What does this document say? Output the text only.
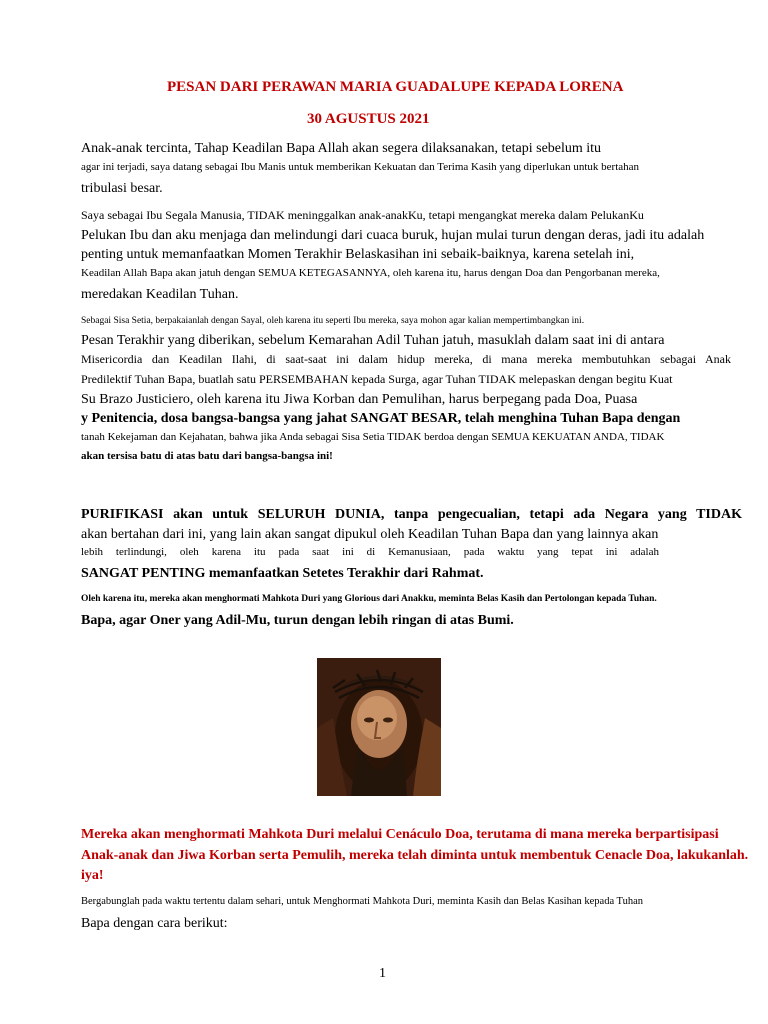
PESAN DARI PERAWAN MARIA GUADALUPE KEPADA LORENA
30 AGUSTUS 2021
Anak-anak tercinta, Tahap Keadilan Bapa Allah akan segera dilaksanakan, tetapi sebelum itu
agar ini terjadi, saya datang sebagai Ibu Manis untuk memberikan Kekuatan dan Terima Kasih yang diperlukan untuk bertahan
tribulasi besar.
Saya sebagai Ibu Segala Manusia, TIDAK meninggalkan anak-anakKu, tetapi mengangkat mereka dalam PelukanKu
Pelukan Ibu dan aku menjaga dan melindungi dari cuaca buruk, hujan mulai turun dengan deras, jadi itu adalah
penting untuk memanfaatkan Momen Terakhir Belaskasihan ini sebaik-baiknya, karena setelah ini,
Keadilan Allah Bapa akan jatuh dengan SEMUA KETEGASANNYA, oleh karena itu, harus dengan Doa dan Pengorbanan mereka,
meredakan Keadilan Tuhan.
Sebagai Sisa Setia, berpakaianlah dengan Sayal, oleh karena itu seperti Ibu mereka, saya mohon agar kalian mempertimbangkan ini.
Pesan Terakhir yang diberikan, sebelum Kemarahan Adil Tuhan jatuh, masuklah dalam saat ini di antara
Misericordia dan Keadilan Ilahi, di saat-saat ini dalam hidup mereka, di mana mereka membutuhkan sebagai Anak
Predilektif Tuhan Bapa, buatlah satu PERSEMBAHAN kepada Surga, agar Tuhan TIDAK melepaskan dengan begitu Kuat
Su Brazo Justiciero, oleh karena itu Jiwa Korban dan Pemulihan, harus berpegang pada Doa, Puasa
y Penitencia, dosa bangsa-bangsa yang jahat SANGAT BESAR, telah menghina Tuhan Bapa dengan
tanah Kekejaman dan Kejahatan, bahwa jika Anda sebagai Sisa Setia TIDAK berdoa dengan SEMUA KEKUATAN ANDA, TIDAK
akan tersisa batu di atas batu dari bangsa-bangsa ini!
PURIFIKASI akan untuk SELURUH DUNIA, tanpa pengecualian, tetapi ada Negara yang TIDAK
akan bertahan dari ini, yang lain akan sangat dipukul oleh Keadilan Tuhan Bapa dan yang lainnya akan
lebih terlindungi, oleh karena itu pada saat ini di Kemanusiaan, pada waktu yang tepat ini adalah
SANGAT PENTING memanfaatkan Setetes Terakhir dari Rahmat.
Oleh karena itu, mereka akan menghormati Mahkota Duri yang Glorious dari Anakku, meminta Belas Kasih dan Pertolongan kepada Tuhan.
Bapa, agar Oner yang Adil-Mu, turun dengan lebih ringan di atas Bumi.
Mereka akan menghormati Mahkota Duri melalui Cenáculo Doa, terutama di mana mereka berpartisipasi
Anak-anak dan Jiwa Korban serta Pemulih, mereka telah diminta untuk membentuk Cenacle Doa, lakukanlah.
iya!
Bergabunglah pada waktu tertentu dalam sehari, untuk Menghormati Mahkota Duri, meminta Kasih dan Belas Kasihan kepada Tuhan
Bapa dengan cara berikut:
1
